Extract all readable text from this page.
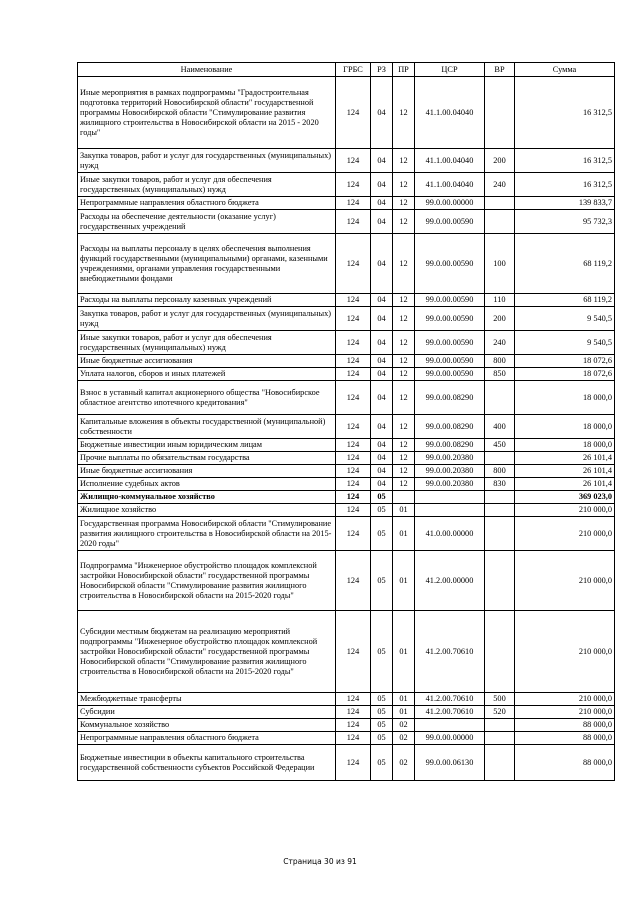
Наименование	ГРБС	РЗ	ПР	ЦСР	ВР	Сумма
Иные мероприятия в рамках подпрограммы "Градостроительная подготовка территорий Новосибирской области" государственной программы Новосибирской области "Стимулирование развития жилищного строительства в Новосибирской области на 2015 - 2020 годы"	124	04	12	41.1.00.04040		16 312,5
Закупка товаров, работ и услуг для государственных (муниципальных) нужд	124	04	12	41.1.00.04040	200	16 312,5
Иные закупки товаров, работ и услуг для обеспечения государственных (муниципальных) нужд	124	04	12	41.1.00.04040	240	16 312,5
Непрограммные направления областного бюджета	124	04	12	99.0.00.00000		139 833,7
Расходы на обеспечение деятельности (оказание услуг) государственных учреждений	124	04	12	99.0.00.00590		95 732,3
Расходы на выплаты персоналу в целях обеспечения выполнения функций государственными (муниципальными) органами, казенными учреждениями, органами управления государственными внебюджетными фондами	124	04	12	99.0.00.00590	100	68 119,2
Расходы на выплаты персоналу казенных учреждений	124	04	12	99.0.00.00590	110	68 119,2
Закупка товаров, работ и услуг для государственных (муниципальных) нужд	124	04	12	99.0.00.00590	200	9 540,5
Иные закупки товаров, работ и услуг для обеспечения государственных (муниципальных) нужд	124	04	12	99.0.00.00590	240	9 540,5
Иные бюджетные ассигнования	124	04	12	99.0.00.00590	800	18 072,6
Уплата налогов, сборов и иных платежей	124	04	12	99.0.00.00590	850	18 072,6
Взнос в уставный капитал акционерного общества "Новосибирское областное агентство ипотечного кредитования"	124	04	12	99.0.00.08290		18 000,0
Капитальные вложения в объекты государственной (муниципальной) собственности	124	04	12	99.0.00.08290	400	18 000,0
Бюджетные инвестиции иным юридическим лицам	124	04	12	99.0.00.08290	450	18 000,0
Прочие выплаты по обязательствам государства	124	04	12	99.0.00.20380		26 101,4
Иные бюджетные ассигнования	124	04	12	99.0.00.20380	800	26 101,4
Исполнение судебных актов	124	04	12	99.0.00.20380	830	26 101,4
Жилищно-коммунальное хозяйство	124	05				369 023,0
Жилищное хозяйство	124	05	01			210 000,0
Государственная программа Новосибирской области "Стимулирование развития жилищного строительства в Новосибирской области на 2015-2020 годы"	124	05	01	41.0.00.00000		210 000,0
Подпрограмма "Инженерное обустройство площадок комплексной застройки Новосибирской области" государственной программы Новосибирской области "Стимулирование развития жилищного строительства в Новосибирской области на 2015-2020 годы"	124	05	01	41.2.00.00000		210 000,0
Субсидии местным бюджетам на реализацию мероприятий подпрограммы "Инженерное обустройство площадок комплексной застройки Новосибирской области" государственной программы Новосибирской области "Стимулирование развития жилищного строительства в Новосибирской области на 2015-2020 годы"	124	05	01	41.2.00.70610		210 000,0
Межбюджетные трансферты	124	05	01	41.2.00.70610	500	210 000,0
Субсидии	124	05	01	41.2.00.70610	520	210 000,0
Коммунальное хозяйство	124	05	02			88 000,0
Непрограммные направления областного бюджета	124	05	02	99.0.00.00000		88 000,0
Бюджетные инвестиции в объекты капитального строительства государственной собственности субъектов Российской Федерации	124	05	02	99.0.00.06130		88 000,0
Страница 30 из 91
